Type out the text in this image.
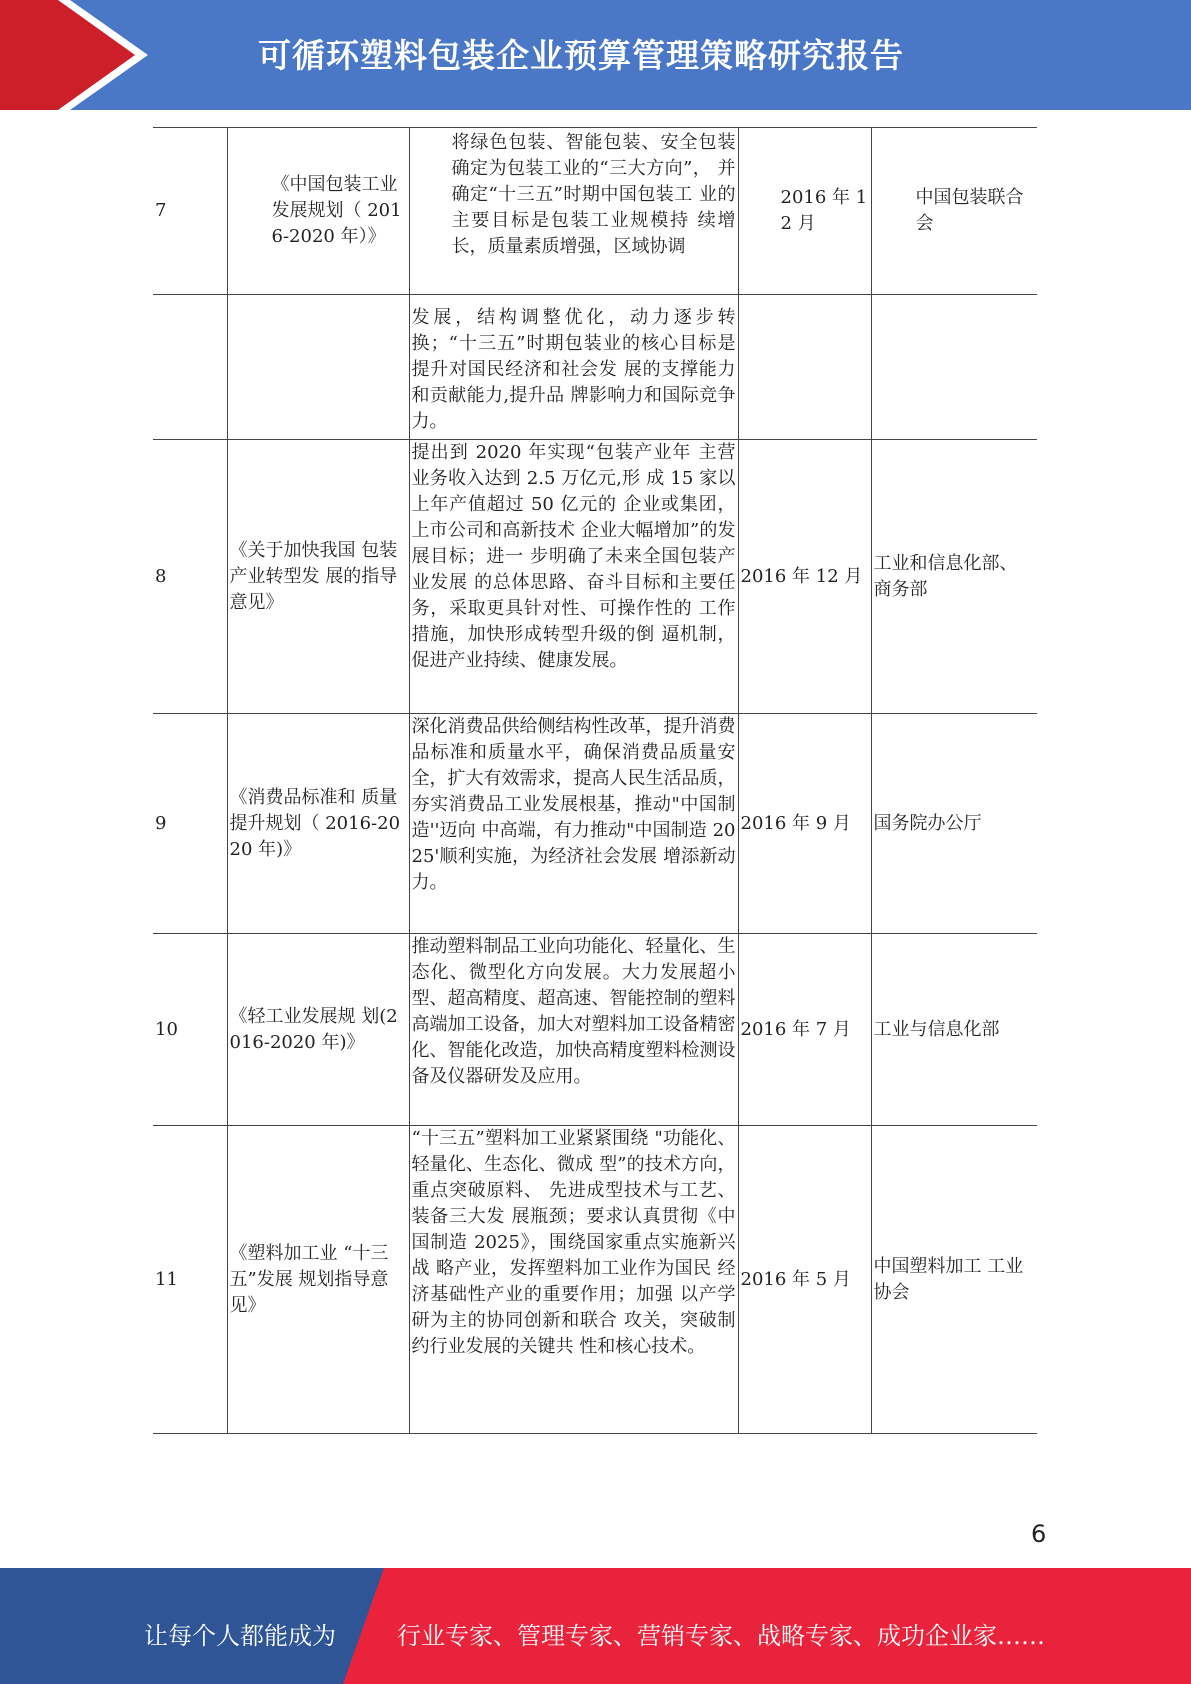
可循环塑料包装企业预算管理策略研究报告
7	《中国包装工业 发展规划（ 2016-2020 年）》	将绿色包装、智能包装、安全包装 确定为包装工业的“三大方向”， 并确定“十三五”时期中国包装工 业的主要目标是包装工业规模持 续增长，质量素质增强，区域协调	2016 年 12 月	中国包装联合会
		发展，结构调整优化，动力逐步转换；“十三五”时期包装业的核心目标是提升对国民经济和社会发 展的支撑能力和贡献能力,提升品 牌影响力和国际竞争力。		
8	《关于加快我国 包装产业转型发 展的指导意见》	提出到 2020 年实现“包装产业年 主营业务收入达到 2.5 万亿元,形 成 15 家以上年产值超过 50 亿元的 企业或集团，上市公司和高新技术 企业大幅增加”的发展目标；进一 步明确了未来全国包装产业发展 的总体思路、奋斗目标和主要任 务，采取更具针对性、可操作性的 工作措施，加快形成转型升级的倒 逼机制，促进产业持续、健康发展。	2016 年 12 月	工业和信息化部、商务部
9	《消费品标准和 质量提升规划（ 2016-2020 年)》	深化消费品供给侧结构性改革，提升消费品标准和质量水平，确保消费品质量安全，扩大有效需求，提高人民生活品质，夯实消费品工业发展根基，推动"中国制造''迈向 中高端，有力推动"中国制造 2025'顺利实施，为经济社会发展 增添新动力。	2016 年 9 月	国务院办公厅
10	《轻工业发展规 划(2016-2020 年)》	推动塑料制品工业向功能化、轻量化、生态化、微型化方向发展。大力发展超小型、超高精度、超高速、智能控制的塑料高端加工设备，加大对塑料加工设备精密化、智能化改造，加快高精度塑料检测设备及仪器研发及应用。	2016 年 7 月	工业与信息化部
11	《塑料加工业 “十三五”发展 规划指导意见》	“十三五”塑料加工业紧紧围绕 "功能化、轻量化、生态化、微成 型”的技术方向，重点突破原料、 先进成型技术与工艺、装备三大发 展瓶颈；要求认真贯彻《中国制造 2025》，围绕国家重点实施新兴战 略产业，发挥塑料加工业作为国民 经济基础性产业的重要作用；加强 以产学研为主的协同创新和联合 攻关，突破制约行业发展的关键共 性和核心技术。	2016 年 5 月	中国塑料加工 工业协会
6
让每个人都能成为	行业专家、管理专家、营销专家、战略专家、成功企业家……
